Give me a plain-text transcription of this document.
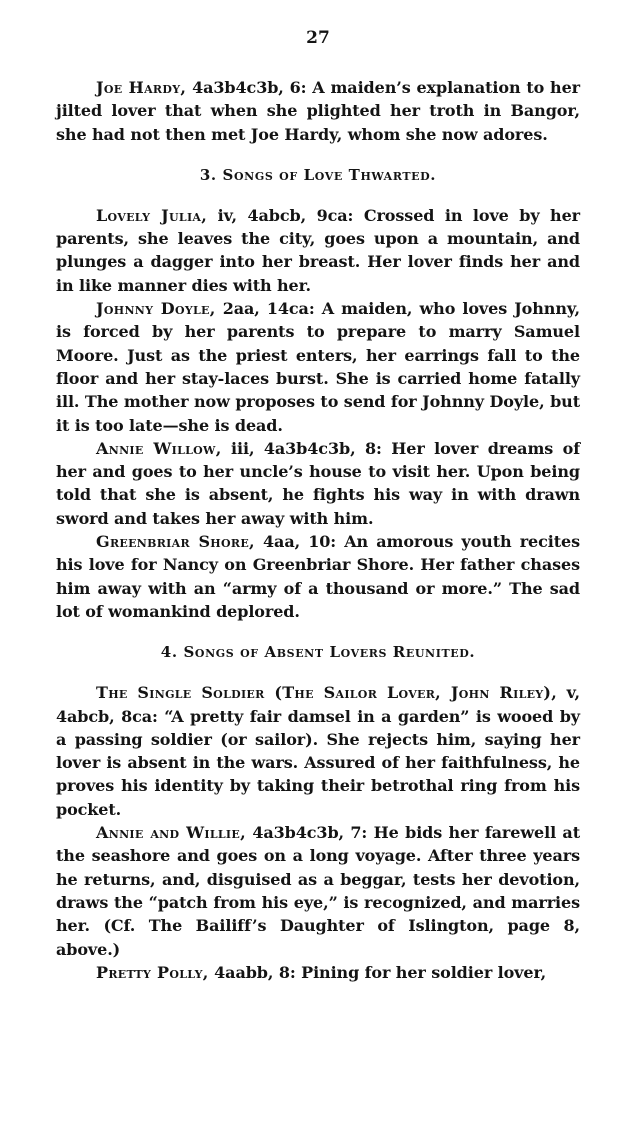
27

Joe Hardy, 4a3b4c3b, 6: A maiden’s explanation to her jilted lover that when she plighted her troth in Bangor, she had not then met Joe Hardy, whom she now adores.

3. Songs of Love Thwarted.

Lovely Julia, iv, 4abcb, 9ca: Crossed in love by her parents, she leaves the city, goes upon a mountain, and plunges a dagger into her breast. Her lover finds her and in like manner dies with her.

Johnny Doyle, 2aa, 14ca: A maiden, who loves Johnny, is forced by her parents to prepare to marry Samuel Moore. Just as the priest enters, her earrings fall to the floor and her stay-laces burst. She is carried home fatally ill. The mother now proposes to send for Johnny Doyle, but it is too late—she is dead.

Annie Willow, iii, 4a3b4c3b, 8: Her lover dreams of her and goes to her uncle’s house to visit her. Upon being told that she is absent, he fights his way in with drawn sword and takes her away with him.

Greenbriar Shore, 4aa, 10: An amorous youth recites his love for Nancy on Greenbriar Shore. Her father chases him away with an “army of a thousand or more.” The sad lot of womankind deplored.

4. Songs of Absent Lovers Reunited.

The Single Soldier (The Sailor Lover, John Riley), v, 4abcb, 8ca: “A pretty fair damsel in a garden” is wooed by a passing soldier (or sailor). She rejects him, saying her lover is absent in the wars. Assured of her faithfulness, he proves his identity by taking their betrothal ring from his pocket.

Annie and Willie, 4a3b4c3b, 7: He bids her farewell at the seashore and goes on a long voyage. After three years he returns, and, disguised as a beggar, tests her devotion, draws the “patch from his eye,” is recognized, and marries her. (Cf. The Bailiff’s Daughter of Islington, page 8, above.)

Pretty Polly, 4aabb, 8: Pining for her soldier lover,
